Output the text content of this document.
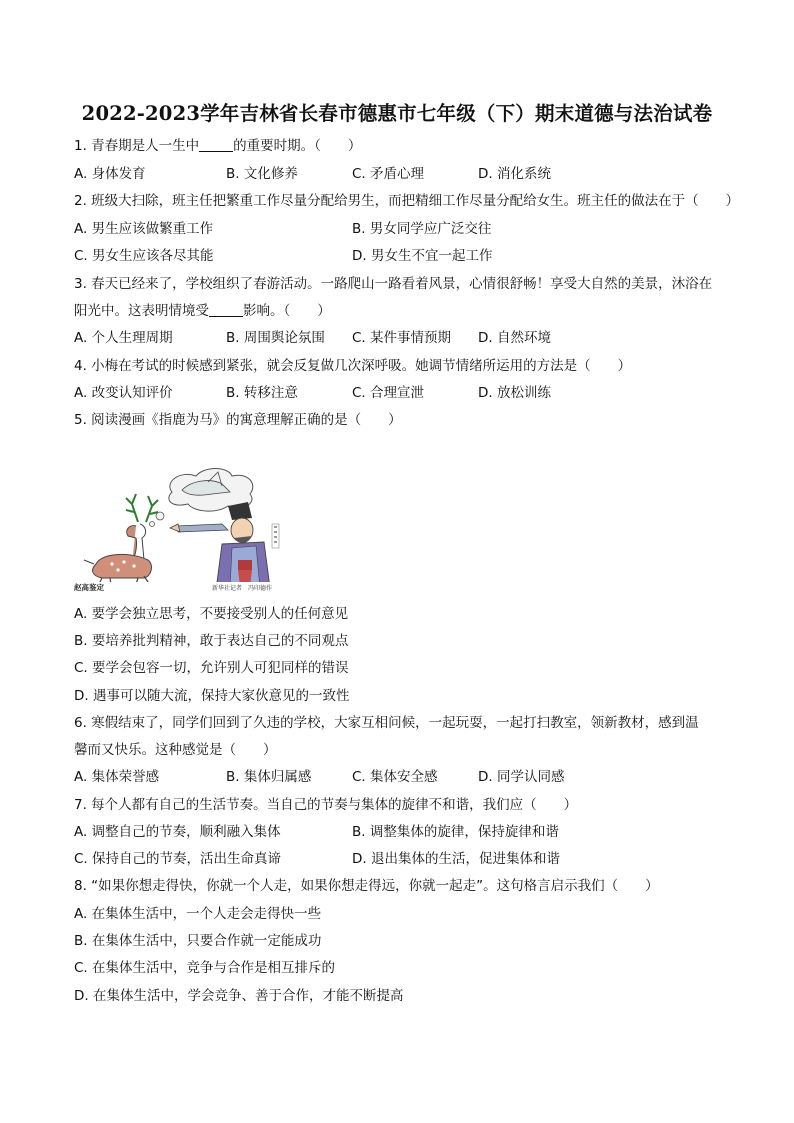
2022-2023学年吉林省长春市德惠市七年级（下）期末道德与法治试卷
1. 青春期是人一生中	的重要时期。（　　）
A. 身体发育	B. 文化修养	C. 矛盾心理	D. 消化系统
2. 班级大扫除，班主任把繁重工作尽量分配给男生，而把精细工作尽量分配给女生。班主任的做法在于（　　）
A. 男生应该做繁重工作	B. 男女同学应广泛交往
C. 男女生应该各尽其能	D. 男女生不宜一起工作
3. 春天已经来了，学校组织了春游活动。一路爬山一路看着风景，心情很舒畅！享受大自然的美景，沐浴在
阳光中。这表明情境受	影响。（　　）
A. 个人生理周期	B. 周围舆论氛围 C. 某件事情预期 D. 自然环境
4. 小梅在考试的时候感到紧张，就会反复做几次深呼吸。她调节情绪所运用的方法是（　　）
A. 改变认知评价	B. 转移注意	C. 合理宣泄	D. 放松训练
5. 阅读漫画《指鹿为马》的寓意理解正确的是（　　）
赵高鉴定	新华社记者　冯印德作
A. 要学会独立思考，不要接受别人的任何意见
B. 要培养批判精神，敢于表达自己的不同观点
C. 要学会包容一切，允许别人可犯同样的错误
D. 遇事可以随大流，保持大家伙意见的一致性
6. 寒假结束了，同学们回到了久违的学校，大家互相问候，一起玩耍，一起打扫教室，领新教材，感到温
馨而又快乐。这种感觉是（　　）
A. 集体荣誉感	B. 集体归属感	C. 集体安全感	D. 同学认同感
7. 每个人都有自己的生活节奏。当自己的节奏与集体的旋律不和谐，我们应（　　）
A. 调整自己的节奏，顺利融入集体	B. 调整集体的旋律，保持旋律和谐
C. 保持自己的节奏，活出生命真谛	D. 退出集体的生活，促进集体和谐
8. “如果你想走得快，你就一个人走，如果你想走得远，你就一起走”。这句格言启示我们（　　）
A. 在集体生活中，一个人走会走得快一些
B. 在集体生活中，只要合作就一定能成功
C. 在集体生活中，竞争与合作是相互排斥的
D. 在集体生活中，学会竞争、善于合作，才能不断提高
